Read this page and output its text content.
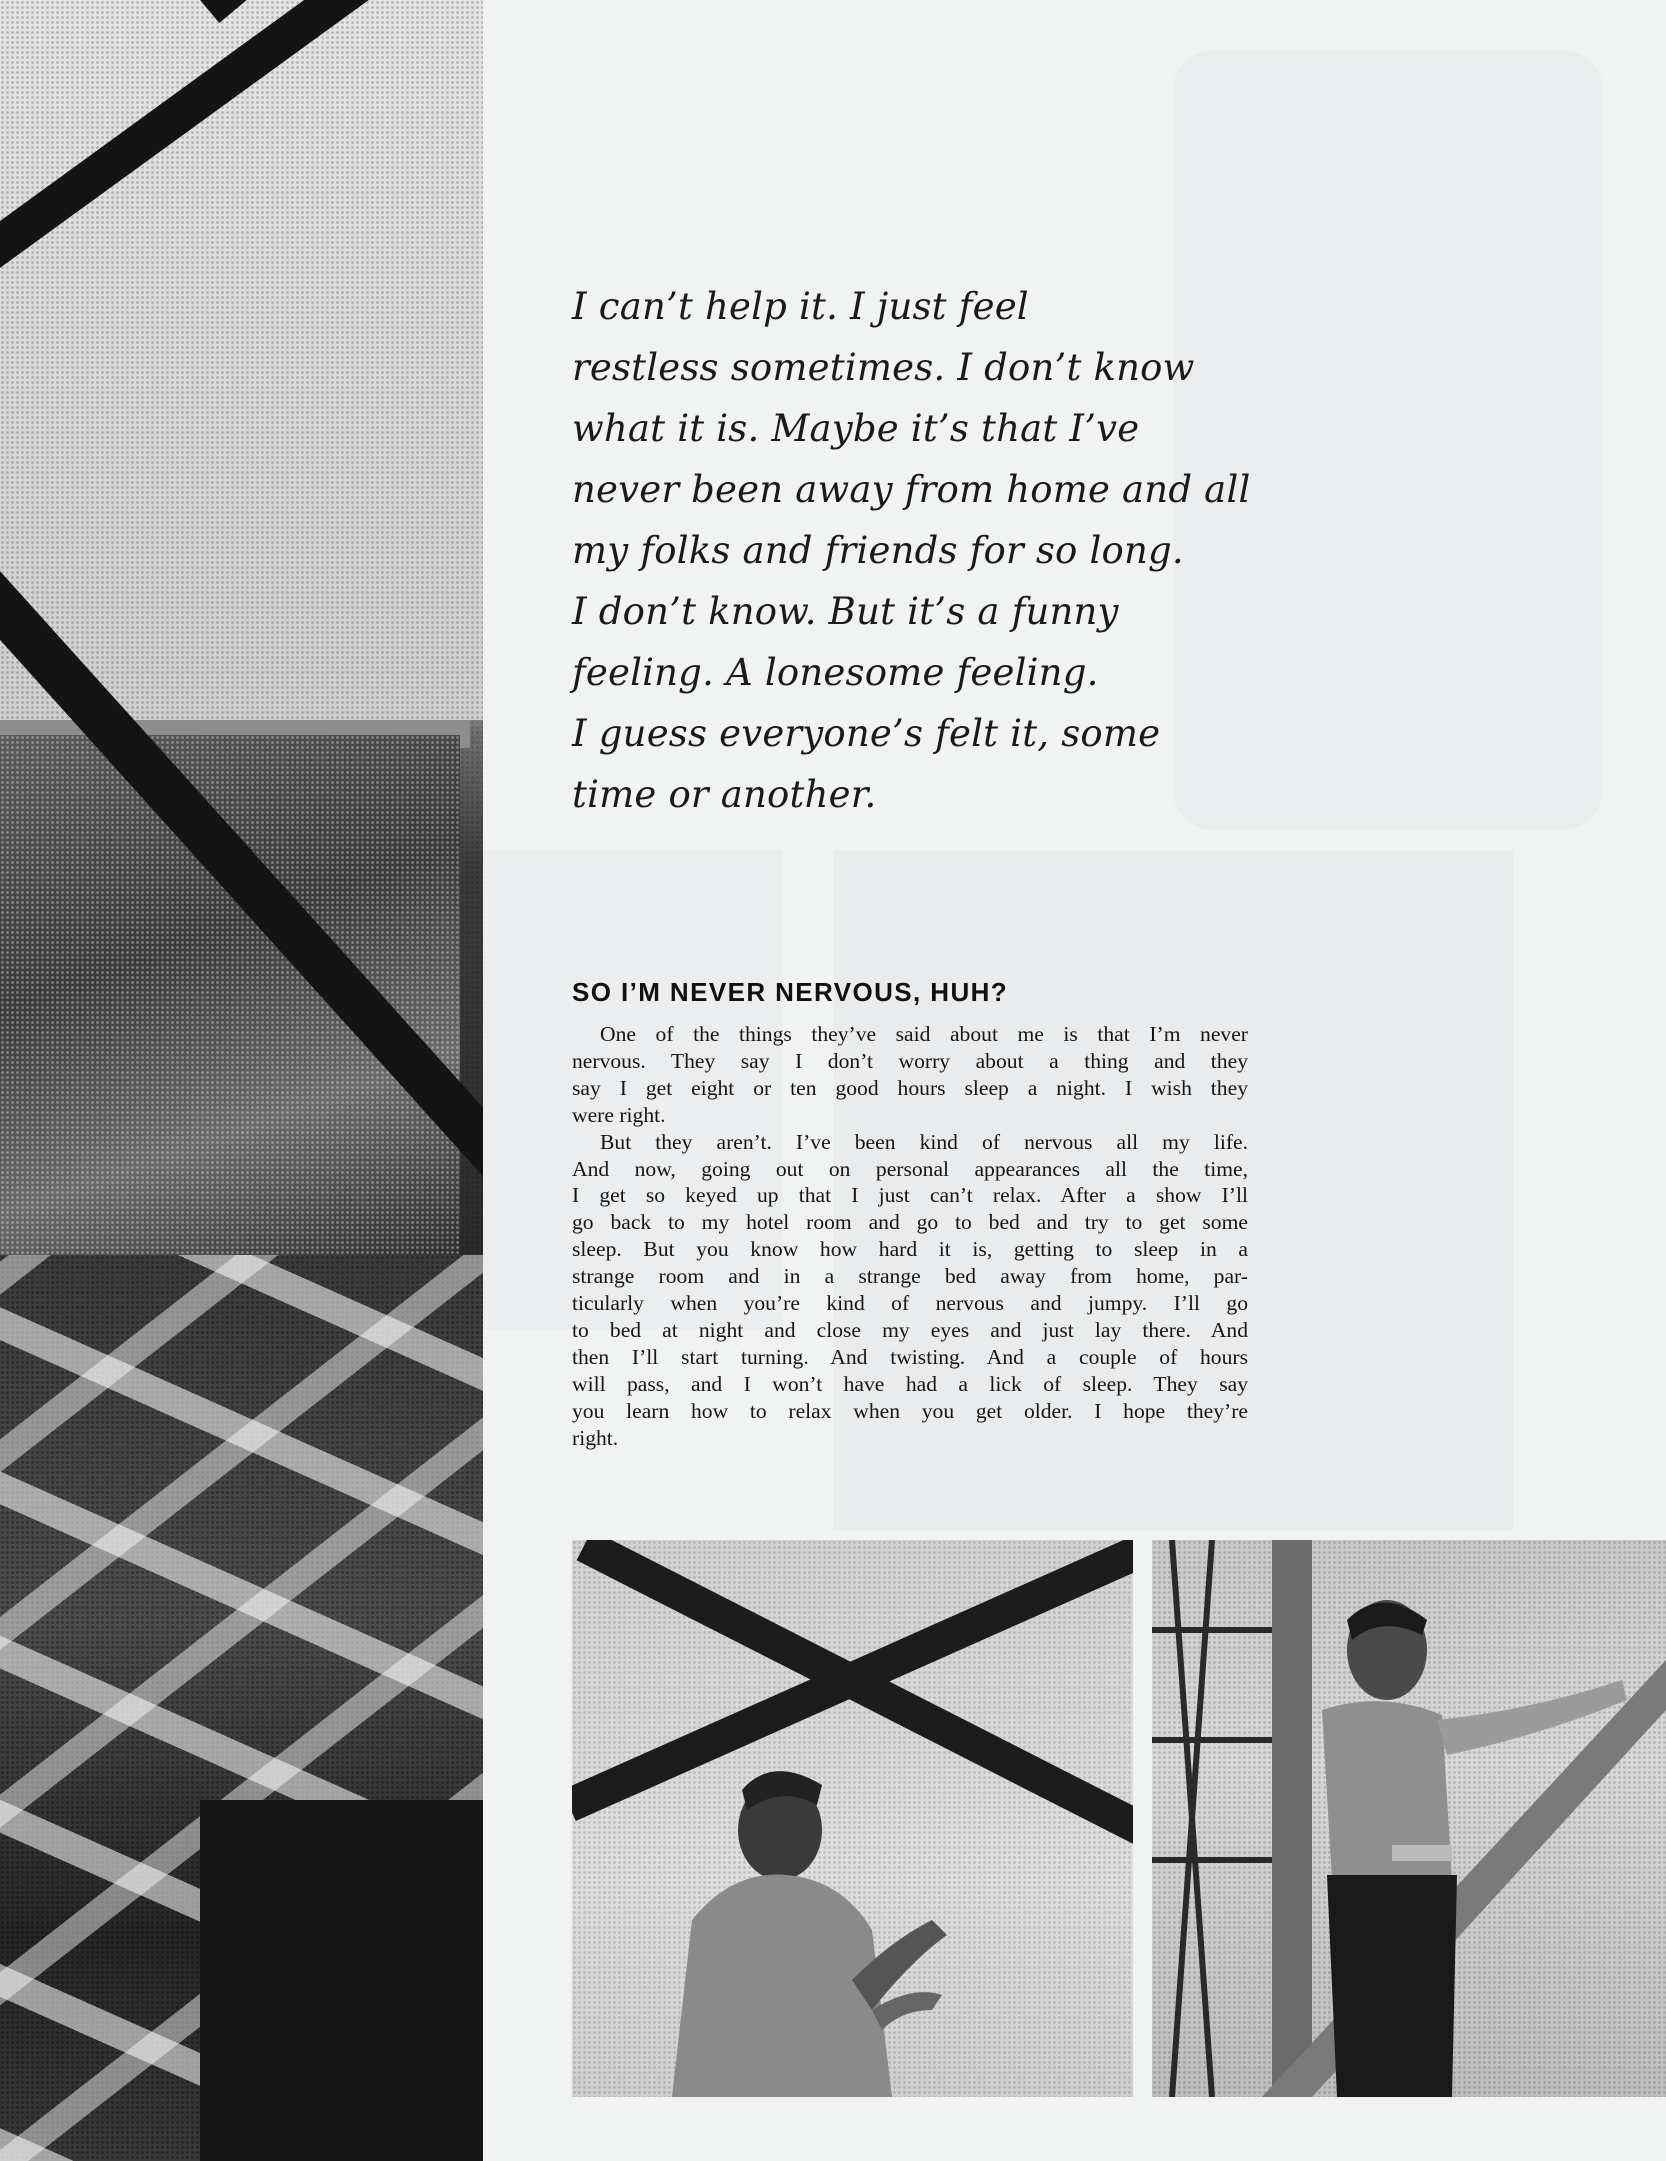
I can’t help it. I just feel
restless sometimes. I don’t know
what it is. Maybe it’s that I’ve
never been away from home and all
my folks and friends for so long.
I don’t know. But it’s a funny
feeling. A lonesome feeling.
I guess everyone’s felt it, some
time or another.
SO I’M NEVER NERVOUS, HUH?
One of the things they’ve said about me is that I’m never
nervous. They say I don’t worry about a thing and they
say I get eight or ten good hours sleep a night. I wish they
were right.
But they aren’t. I’ve been kind of nervous all my life.
And now, going out on personal appearances all the time,
I get so keyed up that I just can’t relax. After a show I’ll
go back to my hotel room and go to bed and try to get some
sleep. But you know how hard it is, getting to sleep in a
strange room and in a strange bed away from home, par-
ticularly when you’re kind of nervous and jumpy. I’ll go
to bed at night and close my eyes and just lay there. And
then I’ll start turning. And twisting. And a couple of hours
will pass, and I won’t have had a lick of sleep. They say
you learn how to relax when you get older. I hope they’re
right.
